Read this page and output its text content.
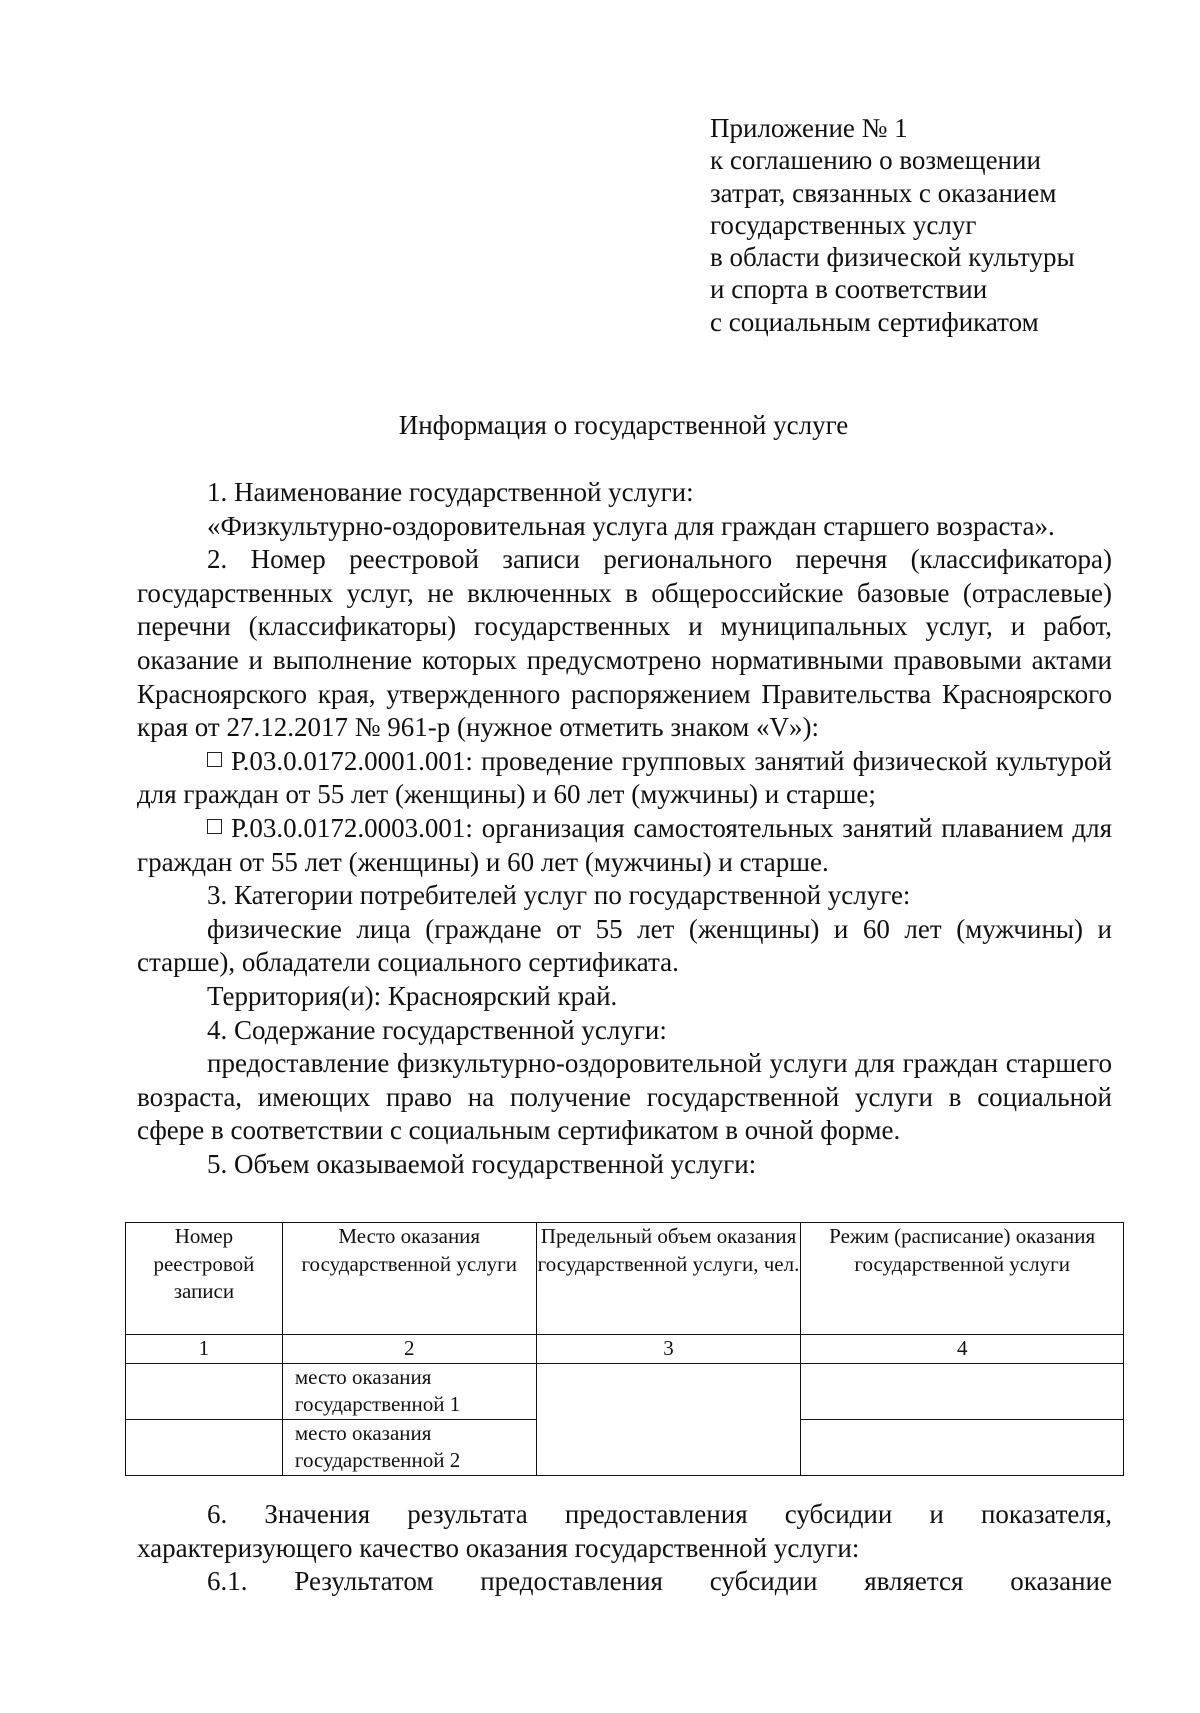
Приложение № 1
к соглашению о возмещении
затрат, связанных с оказанием
государственных услуг
в области физической культуры
и спорта в соответствии
с социальным сертификатом
Информация о государственной услуге

1. Наименование государственной услуги:

«Физкультурно-оздоровительная услуга для граждан старшего возраста».

2. Номер реестровой записи регионального перечня (классификатора) государственных услуг, не включенных в общероссийские базовые (отраслевые) перечни (классификаторы) государственных и муниципальных услуг, и работ, оказание и выполнение которых предусмотрено нормативными правовыми актами Красноярского края, утвержденного распоряжением Правительства Красноярского края от 27.12.2017 № 961-р (нужное отметить знаком «V»):

Р.03.0.0172.0001.001: проведение групповых занятий физической культурой для граждан от 55 лет (женщины) и 60 лет (мужчины) и старше;

Р.03.0.0172.0003.001: организация самостоятельных занятий плаванием для граждан от 55 лет (женщины) и 60 лет (мужчины) и старше.

3. Категории потребителей услуг по государственной услуге:

физические лица (граждане от 55 лет (женщины) и 60 лет (мужчины) и старше), обладатели социального сертификата.

Территория(и): Красноярский край.

4. Содержание государственной услуги:

предоставление физкультурно-оздоровительной услуги для граждан старшего возраста, имеющих право на получение государственной услуги в социальной сфере в соответствии с социальным сертификатом в очной форме.

5. Объем оказываемой государственной услуги:

Номер реестровой записи	Место оказания государственной услуги	Предельный объем оказания государственной услуги, чел.	Режим (расписание) оказания государственной услуги
1	2	3	4
	место оказания государственной 1		
	место оказания государственной 2		

6. Значения результата предоставления субсидии и показателя, характеризующего качество оказания государственной услуги:

6.1. Результатом предоставления субсидии является оказание
